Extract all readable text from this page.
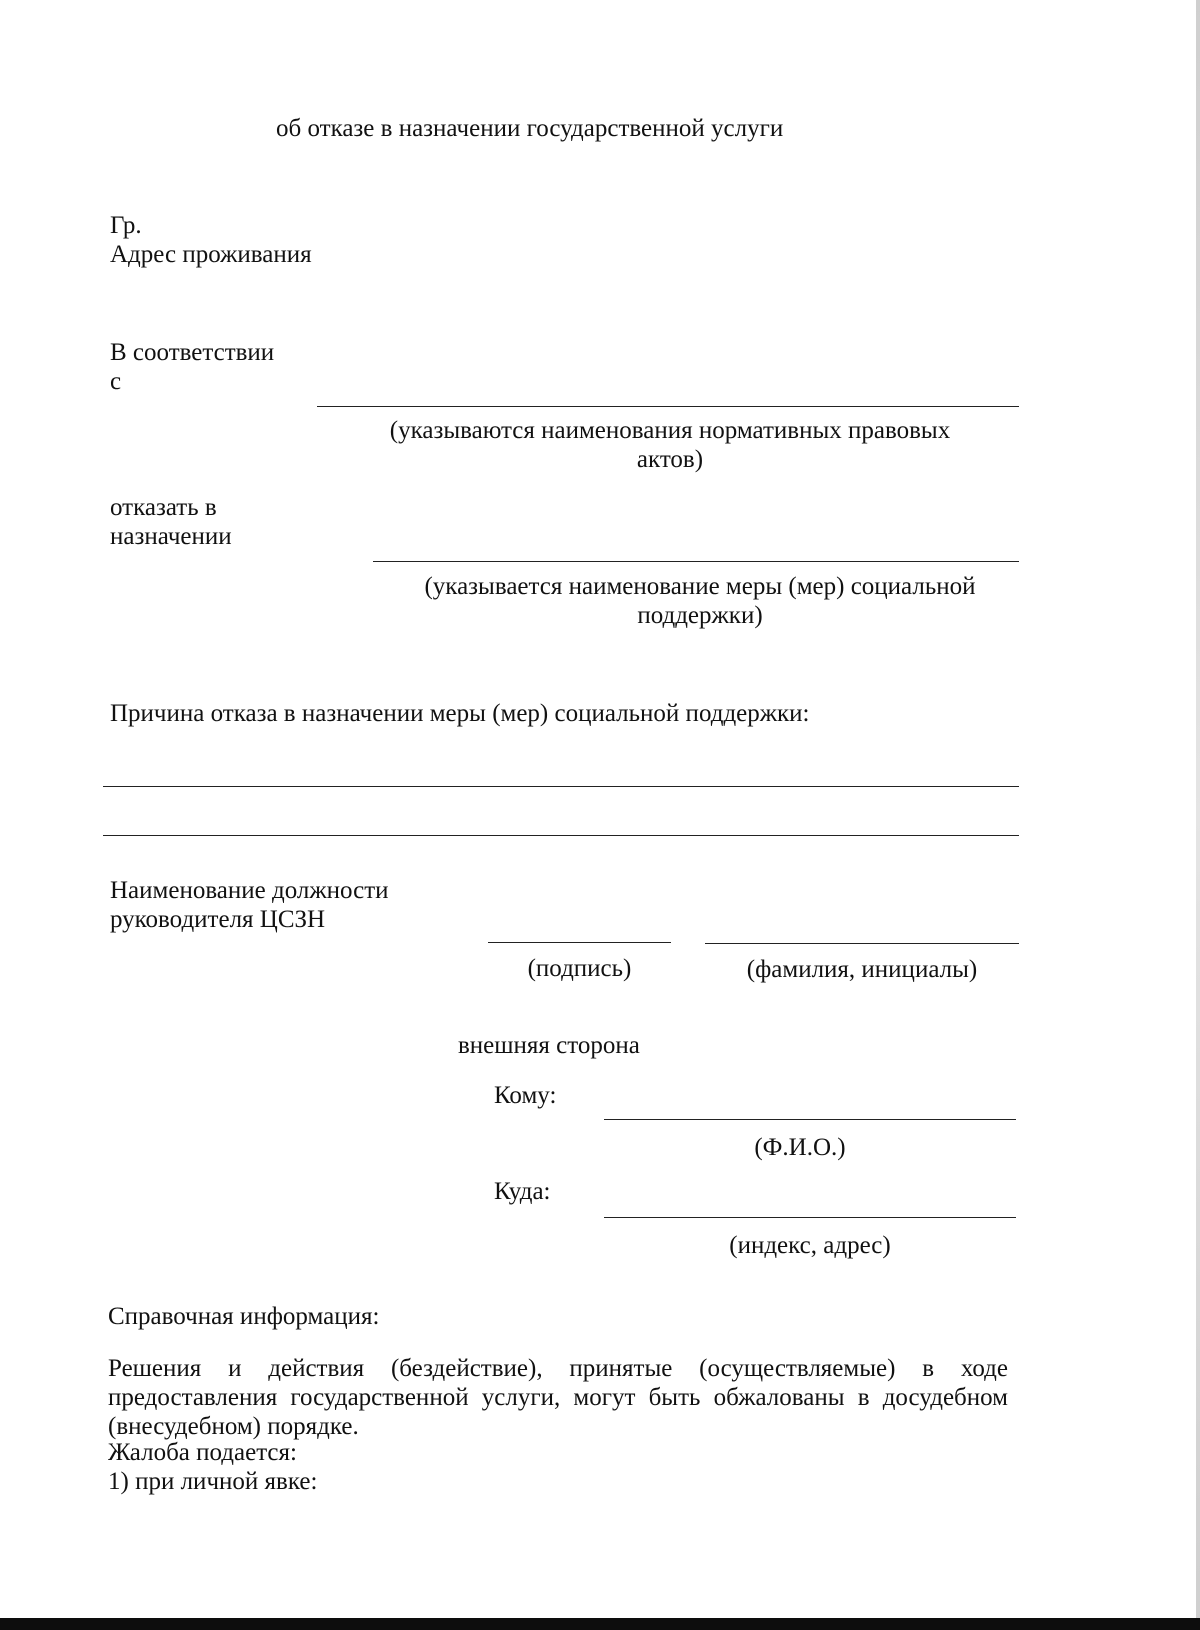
об отказе в назначении государственной услуги
Гр.
Адрес проживания
В соответствии
с
(указываются наименования нормативных правовых
актов)
отказать в
назначении
(указывается наименование меры (мер) социальной
поддержки)
Причина отказа в назначении меры (мер) социальной поддержки:
Наименование должности
руководителя ЦСЗН
(подпись)	(фамилия, инициалы)
внешняя сторона
Кому:
(Ф.И.О.)
Куда:
(индекс, адрес)
Справочная информация:
Решения и действия (бездействие), принятые (осуществляемые) в ходе предоставления государственной услуги, могут быть обжалованы в досудебном (внесудебном) порядке.
Жалоба подается:
1) при личной явке:
